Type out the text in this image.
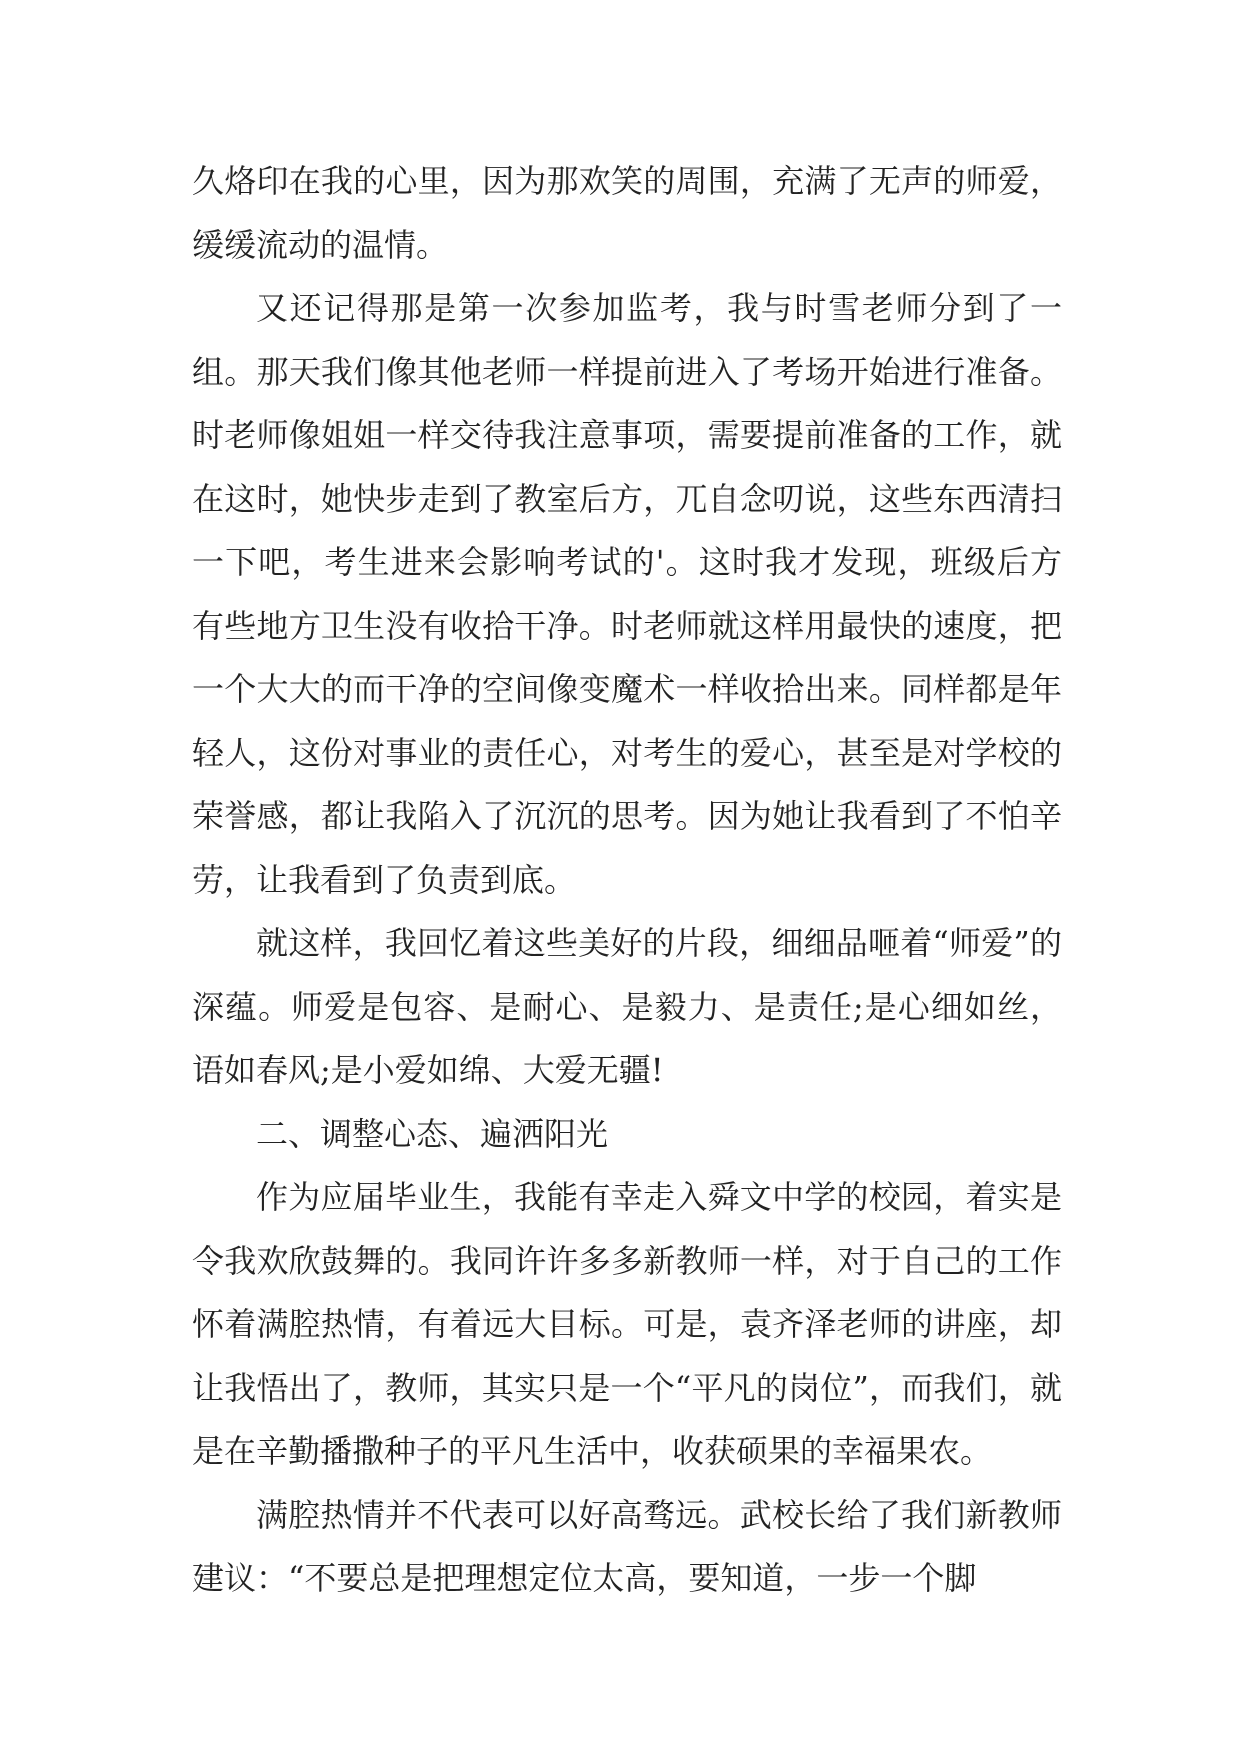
久烙印在我的心里，因为那欢笑的周围，充满了无声的师爱，缓缓流动的温情。

又还记得那是第一次参加监考，我与时雪老师分到了一组。那天我们像其他老师一样提前进入了考场开始进行准备。时老师像姐姐一样交待我注意事项，需要提前准备的工作，就在这时，她快步走到了教室后方，兀自念叨说，这些东西清扫一下吧，考生进来会影响考试的'。这时我才发现，班级后方有些地方卫生没有收拾干净。时老师就这样用最快的速度，把一个大大的而干净的空间像变魔术一样收拾出来。同样都是年轻人，这份对事业的责任心，对考生的爱心，甚至是对学校的荣誉感，都让我陷入了沉沉的思考。因为她让我看到了不怕辛劳，让我看到了负责到底。

就这样，我回忆着这些美好的片段，细细品咂着“师爱”的深蕴。师爱是包容、是耐心、是毅力、是责任;是心细如丝，语如春风;是小爱如绵、大爱无疆!

二、调整心态、遍洒阳光

作为应届毕业生，我能有幸走入舜文中学的校园，着实是令我欢欣鼓舞的。我同许许多多新教师一样，对于自己的工作怀着满腔热情，有着远大目标。可是，袁齐泽老师的讲座，却让我悟出了，教师，其实只是一个“平凡的岗位”，而我们，就是在辛勤播撒种子的平凡生活中，收获硕果的幸福果农。

满腔热情并不代表可以好高骛远。武校长给了我们新教师建议：“不要总是把理想定位太高，要知道，一步一个脚
